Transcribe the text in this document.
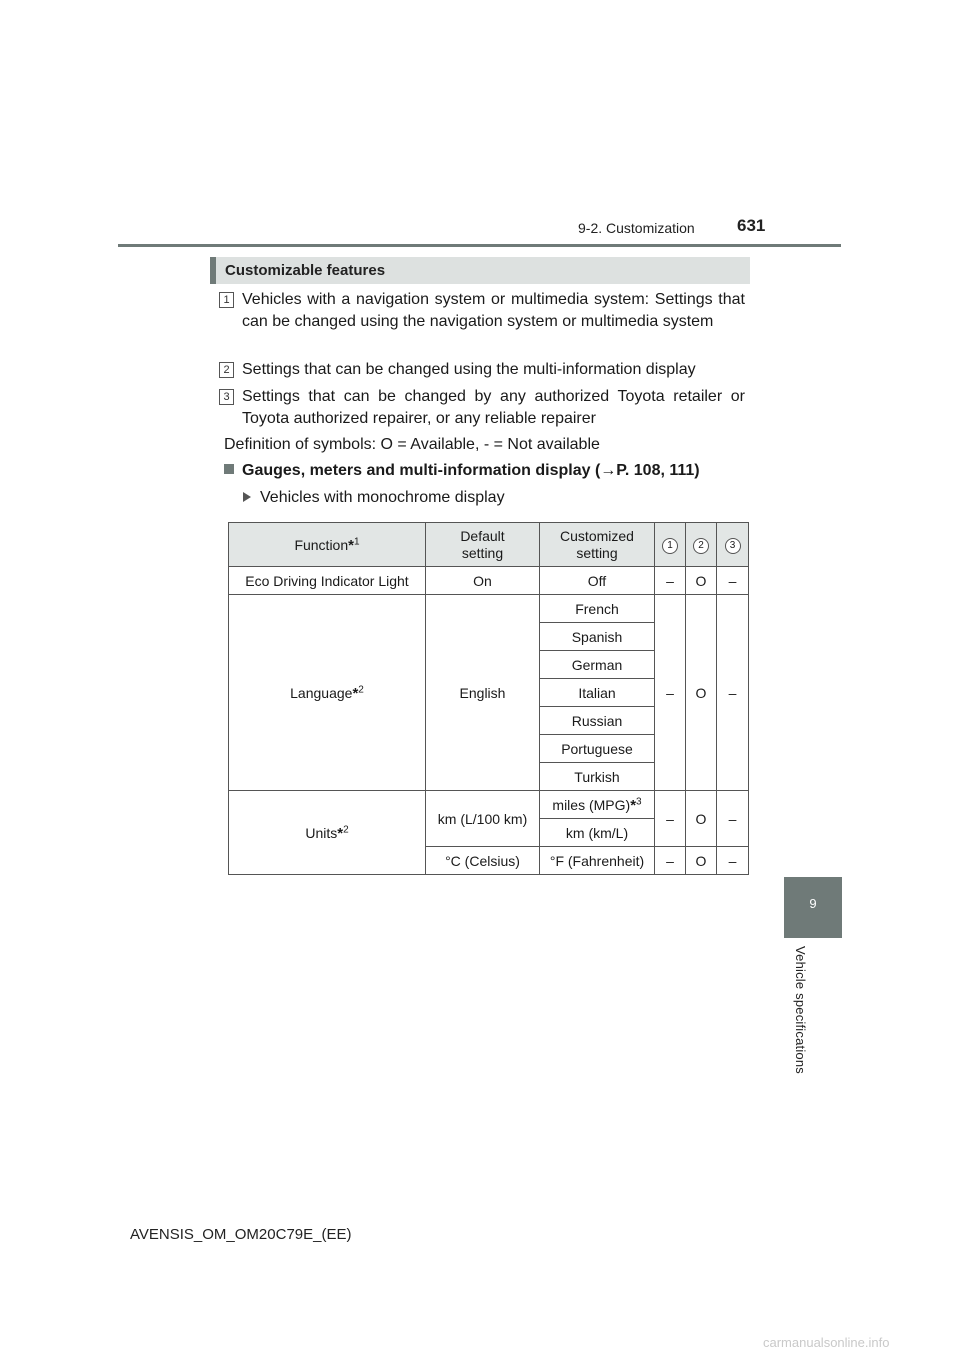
9-2. Customization 631
9
Vehicle specifications
Customizable features
1 Vehicles with a navigation system or multimedia system: Settings that can be changed using the navigation system or multimedia system
2 Settings that can be changed using the multi-information display
3 Settings that can be changed by any authorized Toyota retailer or Toyota authorized repairer, or any reliable repairer
Definition of symbols: O = Available, - = Not available
Gauges, meters and multi-information display (→P. 108, 111)
Vehicles with monochrome display
Function*$^1$	Default setting	Customized setting	1	2	3
Eco Driving Indicator Light	On	Off	–	O	–
Language*$^2$	English	French	–	O	–
		Spanish			
		German			
		Italian			
		Russian			
		Portuguese			
		Turkish			
Units*$^2$	km (L/100 km)	miles (MPG)*$^3$	–	O	–
		km (km/L)			
	°C (Celsius)	°F (Fahrenheit)	–	O	–
AVENSIS_OM_OM20C79E_(EE)
carmanualsonline.info
